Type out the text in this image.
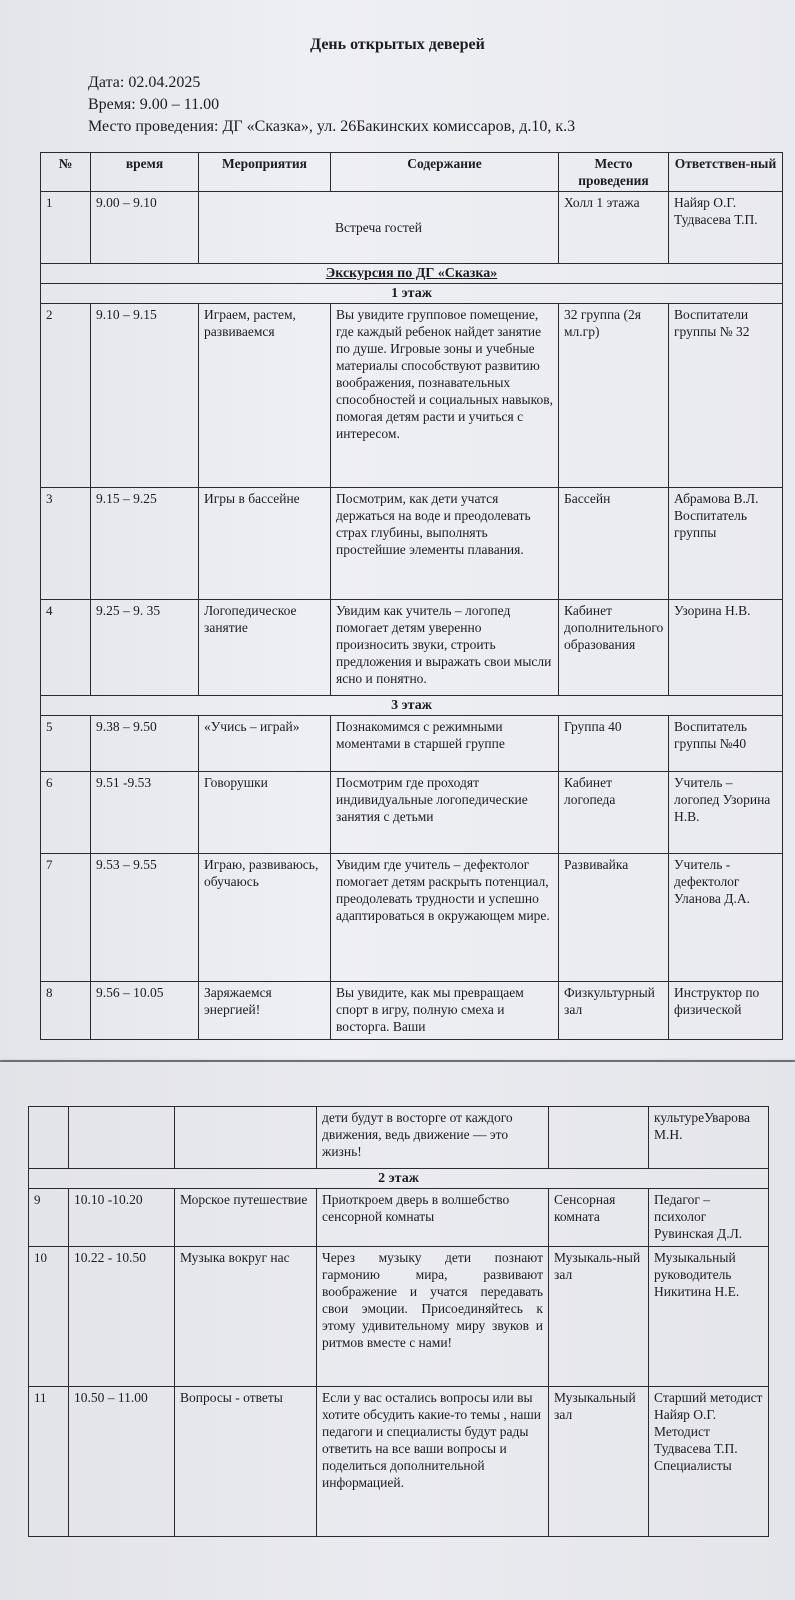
День открытых деверей
Дата: 02.04.2025
Время: 9.00 – 11.00
Место проведения: ДГ «Сказка», ул. 26Бакинских комиссаров, д.10, к.3
№	время	Мероприятия	Содержание	Место проведения	Ответствен-ный
1	9.00 – 9.10	Встреча гостей		Холл 1 этажа	Найяр О.Г. Тудвасева Т.П.
Экскурсия по ДГ «Сказка»					
1 этаж					
2	9.10 – 9.15	Играем, растем, развиваемся	Вы увидите групповое помещение, где каждый ребенок найдет занятие по душе. Игровые зоны и учебные материалы способствуют развитию воображения, познавательных способностей и социальных навыков, помогая детям расти и учиться с интересом.	32 группа (2я мл.гр)	Воспитатели группы № 32
3	9.15 – 9.25	Игры в бассейне	Посмотрим, как дети учатся держаться на воде и преодолевать страх глубины, выполнять простейшие элементы плавания.	Бассейн	Абрамова В.Л. Воспитатель группы
4	9.25 – 9. 35	Логопедическое занятие	Увидим как учитель – логопед помогает детям уверенно произносить звуки, строить предложения и выражать свои мысли ясно и понятно.	Кабинет дополнительного образования	Узорина Н.В.
3 этаж					
5	9.38 – 9.50	«Учись – играй»	Познакомимся с режимными моментами в старшей группе	Группа 40	Воспитатель группы №40
6	9.51 -9.53	Говорушки	Посмотрим где проходят индивидуальные логопедические занятия с детьми	Кабинет логопеда	Учитель – логопед Узорина Н.В.
7	9.53 – 9.55	Играю, развиваюсь, обучаюсь	Увидим где учитель – дефектолог помогает детям раскрыть потенциал, преодолевать трудности и успешно адаптироваться в окружающем мире.	Развивайка	Учитель - дефектолог Уланова Д.А.
8	9.56 – 10.05	Заряжаемся энергией!	Вы увидите, как мы превращаем спорт в игру, полную смеха и восторга. Ваши	Физкультурный зал	Инструктор по физической
			дети будут в восторге от каждого движения, ведь движение — это жизнь!		культуреУварова М.Н.
2 этаж					
9	10.10 -10.20	Морское путешествие	Приоткроем дверь в волшебство сенсорной комнаты	Сенсорная комната	Педагог – психолог Рувинская Д.Л.
10	10.22 - 10.50	Музыка вокруг нас	Через музыку дети познают гармонию мира, развивают воображение и учатся передавать свои эмоции. Присоединяйтесь к этому удивительному миру звуков и ритмов вместе с нами!	Музыкаль-ный зал	Музыкальный руководитель Никитина Н.Е.
11	10.50 – 11.00	Вопросы - ответы	Если у вас остались вопросы или вы хотите обсудить какие-то темы , наши педагоги и специалисты будут рады ответить на все ваши вопросы и поделиться дополнительной информацией.	Музыкальный зал	Старший методист Найяр О.Г. Методист Тудвасева Т.П. Специалисты
